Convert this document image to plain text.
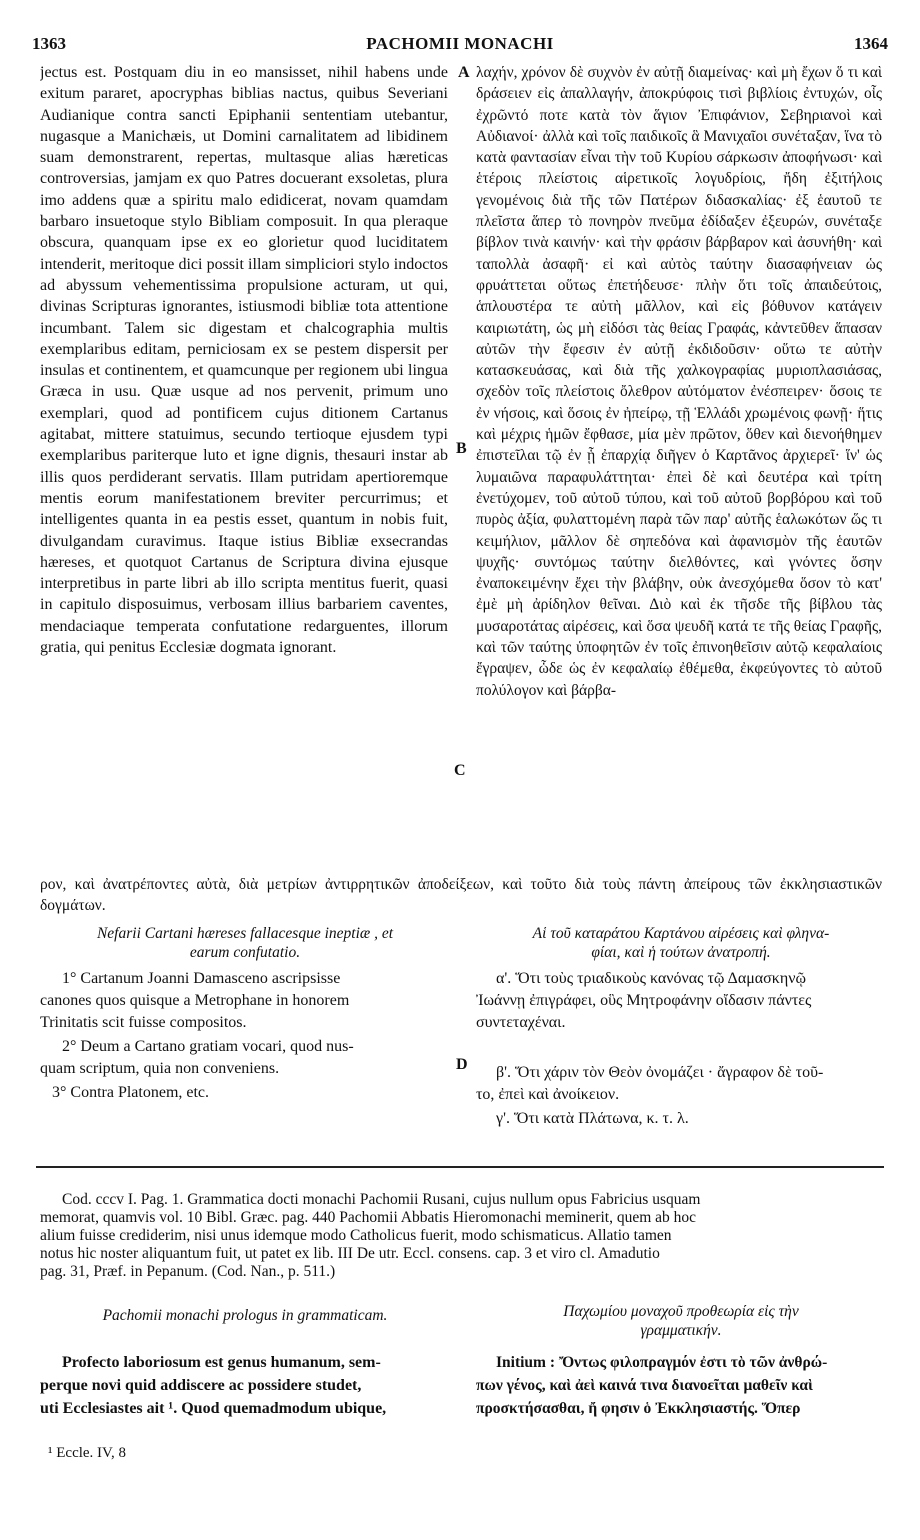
1363	PACHOMII MONACHI	1364

jectus est. Postquam diu in eo mansisset, nihil habens unde exitum pararet, apocryphas biblias nactus, quibus Severiani Audianique contra sancti Epiphanii sententiam utebantur, nugasque a Manichæis, ut Domini carnalitatem ad libidinem suam demonstrarent, repertas, multasque alias hæreticas controversias, jamjam ex quo Patres docuerant exsoletas, plura imo addens quæ a spiritu malo edidicerat, novam quamdam barbaro insuetoque stylo Bibliam composuit. In qua pleraque obscura, quanquam ipse ex eo glorietur quod luciditatem intenderit, meritoque dici possit illam simpliciori stylo indoctos ad abyssum vehementissima propulsione acturam, ut qui, divinas Scripturas ignorantes, istiusmodi bibliæ tota attentione incumbant. Talem sic digestam et chalcographia multis exemplaribus editam, perniciosam ex se pestem dispersit per insulas et continentem, et quamcunque per regionem ubi lingua Græca in usu. Quæ usque ad nos pervenit, primum uno exemplari, quod ad pontificem cujus ditionem Cartanus agitabat, mittere statuimus, secundo tertioque ejusdem typi exemplaribus pariterque luto et igne dignis, thesauri instar ab illis quos perdiderant servatis. Illam putridam apertioremque mentis eorum manifestationem breviter percurrimus; et intelligentes quanta in ea pestis esset, quantum in nobis fuit, divulgandam curavimus. Itaque istius Bibliæ exsecrandas hæreses, et quotquot Cartanus de Scriptura divina ejusque interpretibus in parte libri ab illo scripta mentitus fuerit, quasi in capitulo disposuimus, verbosam illius barbariem caventes, mendaciaque temperata confutatione redarguentes, illorum gratia, qui penitus Ecclesiæ dogmata ignorant.

λαχήν, χρόνον δὲ συχνὸν ἐν αὐτῇ διαμείνας· καὶ μὴ ἔχων ὅ τι καὶ δράσειεν εἰς ἀπαλλαγήν, ἀποκρύφοις τισὶ βιβλίοις ἐντυχών, οἷς ἐχρῶντό ποτε κατὰ τὸν ἅγιον Ἐπιφάνιον, Σεβηριανοὶ καὶ Αὐδιανοί· ἀλλὰ καὶ τοῖς παιδικοῖς ἃ Μανιχαῖοι συνέταξαν, ἵνα τὸ κατὰ φαντασίαν εἶναι τὴν τοῦ Κυρίου σάρκωσιν ἀποφήνωσι· καὶ ἑτέροις πλείστοις αἱρετικοῖς λογυδρίοις, ἤδη ἐξιτήλοις γενομένοις διὰ τῆς τῶν Πατέρων διδασκαλίας· ἐξ ἑαυτοῦ τε πλεῖστα ἅπερ τὸ πονηρὸν πνεῦμα ἐδίδαξεν ἐξευρών, συνέταξε βίβλον τινὰ καινήν· καὶ τὴν φράσιν βάρβαρον καὶ ἀσυνήθη· καὶ ταπολλὰ ἀσαφῆ· εἰ καὶ αὐτὸς ταύτην διασαφήνειαν ὡς φρυάττεται οὕτως ἐπετήδευσε· πλὴν ὅτι τοῖς ἀπαιδεύτοις, ἁπλουστέρα τε αὐτὴ μᾶλλον, καὶ εἰς βόθυνον κατάγειν καιριωτάτη, ὡς μὴ εἰδόσι τὰς θείας Γραφάς, κἀντεῦθεν ἅπασαν αὐτῶν τὴν ἔφεσιν ἐν αὐτῇ ἐκδιδοῦσιν· οὕτω τε αὐτὴν κατασκευάσας, καὶ διὰ τῆς χαλκογραφίας μυριοπλασιάσας, σχεδὸν τοῖς πλείστοις ὄλεθρον αὐτόματον ἐνέσπειρεν· ὅσοις τε ἐν νήσοις, καὶ ὅσοις ἐν ἠπείρῳ, τῇ Ἑλλάδι χρωμένοις φωνῇ· ἥτις καὶ μέχρις ἡμῶν ἔφθασε, μία μὲν πρῶτον, ὅθεν καὶ διενοήθημεν ἐπιστεῖλαι τῷ ἐν ᾗ ἐπαρχίᾳ διῆγεν ὁ Καρτᾶνος ἀρχιερεῖ· ἵν' ὡς λυμαιῶνα παραφυλάττηται· ἐπεὶ δὲ καὶ δευτέρα καὶ τρίτη ἐνετύχομεν, τοῦ αὐτοῦ τύπου, καὶ τοῦ αὐτοῦ βορβόρου καὶ τοῦ πυρὸς ἀξία, φυλαττομένη παρὰ τῶν παρ' αὐτῆς ἑαλωκότων ὥς τι κειμήλιον, μᾶλλον δὲ σηπεδόνα καὶ ἀφανισμὸν τῆς ἑαυτῶν ψυχῆς· συντόμως ταύτην διελθόντες, καὶ γνόντες ὅσην ἐναποκειμένην ἔχει τὴν βλάβην, οὐκ ἀνεσχόμεθα ὅσον τὸ κατ' ἐμὲ μὴ ἀρίδηλον θεῖναι. Διὸ καὶ ἐκ τῆσδε τῆς βίβλου τὰς μυσαροτάτας αἱρέσεις, καὶ ὅσα ψευδῆ κατά τε τῆς θείας Γραφῆς, καὶ τῶν ταύτης ὑποφητῶν ἐν τοῖς ἐπινοηθεῖσιν αὐτῷ κεφαλαίοις ἔγραψεν, ὧδε ὡς ἐν κεφαλαίῳ ἐθέμεθα, ἐκφεύγοντες τὸ αὐτοῦ πολύλογον καὶ βάρβα-

A
B
C
D

ρον, καὶ ἀνατρέποντες αὐτὰ, διὰ μετρίων ἀντιρρητικῶν ἀποδείξεων, καὶ τοῦτο διὰ τοὺς πάντη ἀπείρους τῶν ἐκκλησιαστικῶν δογμάτων.

Nefarii Cartani hæreses fallacesque ineptiæ , et
earum confutatio.
Αἱ τοῦ καταράτου Καρτάνου αἱρέσεις καὶ φληνα-
φίαι, καὶ ἡ τούτων ἀνατροπή.
1° Cartanum Joanni Damasceno ascripsisse
canones quos quisque a Metrophane in honorem
Trinitatis scit fuisse compositos.
2° Deum a Cartano gratiam vocari, quod nus-
quam scriptum, quia non conveniens.
3° Contra Platonem, etc.
α'. Ὅτι τοὺς τριαδικοὺς κανόνας τῷ Δαμασκηνῷ
Ἰωάννῃ ἐπιγράφει, οὓς Μητροφάνην οἴδασιν πάντες
συντεταχέναι.
β'. Ὅτι χάριν τὸν Θεὸν ὀνομάζει · ἄγραφον δὲ τοῦ-
το, ἐπεὶ καὶ ἀνοίκειον.
γ'. Ὅτι κατὰ Πλάτωνα, κ. τ. λ.
Cod. cccv I. Pag. 1. Grammatica docti monachi Pachomii Rusani, cujus nullum opus Fabricius usquam
memorat, quamvis vol. 10 Bibl. Græc. pag. 440 Pachomii Abbatis Hieromonachi meminerit, quem ab hoc
alium fuisse crediderim, nisi unus idemque modo Catholicus fuerit, modo schismaticus. Allatio tamen
notus hic noster aliquantum fuit, ut patet ex lib. III De utr. Eccl. consens. cap. 3 et viro cl. Amadutio
pag. 31, Præf. in Pepanum. (Cod. Nan., p. 511.)
Pachomii monachi prologus in grammaticam.	Παχωμίου μοναχοῦ προθεωρία εἰς τὴν
γραμματικήν.
Profecto laboriosum est genus humanum, sem-
perque novi quid addiscere ac possidere studet,
uti Ecclesiastes ait ¹. Quod quemadmodum ubique,
Initium : Ὄντως φιλοπραγμόν ἐστι τὸ τῶν ἀνθρώ-
πων γένος, καὶ ἀεὶ καινά τινα διανοεῖται μαθεῖν καὶ
προσκτήσασθαι, ἤ φησιν ὁ Ἐκκλησιαστής. Ὅπερ
¹ Eccle. IV, 8
